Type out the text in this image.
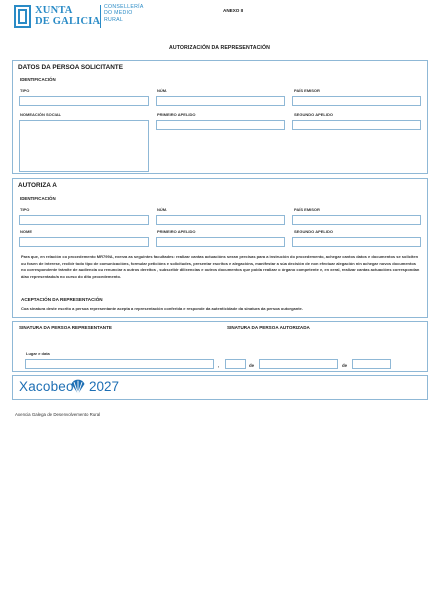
XUNTA
DE GALICIA
CONSELLERÍA
DO MEDIO
RURAL
ANEXO II
AUTORIZACIÓN DA REPRESENTACIÓN
DATOS DA PERSOA SOLICITANTE
IDENTIFICACIÓN
TIPO	NÚM.	PAÍS EMISOR
NOMEACIÓN SOCIAL	PRIMEIRO APELIDO	SEGUNDO APELIDO
AUTORIZA A
IDENTIFICACIÓN
TIPO	NÚM.	PAÍS EMISOR
NOME	PRIMEIRO APELIDO	SEGUNDO APELIDO
Para que, en relación co procedemento MR799A, exerza as seguintes facultades: realizar cantas actuacións sexan precisas para a instrución do procedemento, achegar cantos datos e documentos se soliciten ou fosen de interese, recibir todo tipo de comunicacións, formular peticións e solicitudes, presentar escritos e alegacións, manifestar a súa decisión de non efectuar alegación nin achegar novos documentos no correspondente trámite de audiencia ou renunciar a outros dereitos , subscribir dilixencias e outros documentos que poida realizar o órgano competente e, en xeral, realizar cantas actuacións correspondan á/ao representado/a no curso do dito procedemento.
ACEPTACIÓN DA REPRESENTACIÓN
Coa sinatura deste escrito a persoa representante acepta a representación conferida e responde da autenticidade da sinatura da persoa outorgante.
SINATURA DA PERSOA REPRESENTANTE	SINATURA DA PERSOA AUTORIZADA
Lugar e data
,	de	de
Xacobeo 2027
Axencia Galega de Desenvolvemento Rural
